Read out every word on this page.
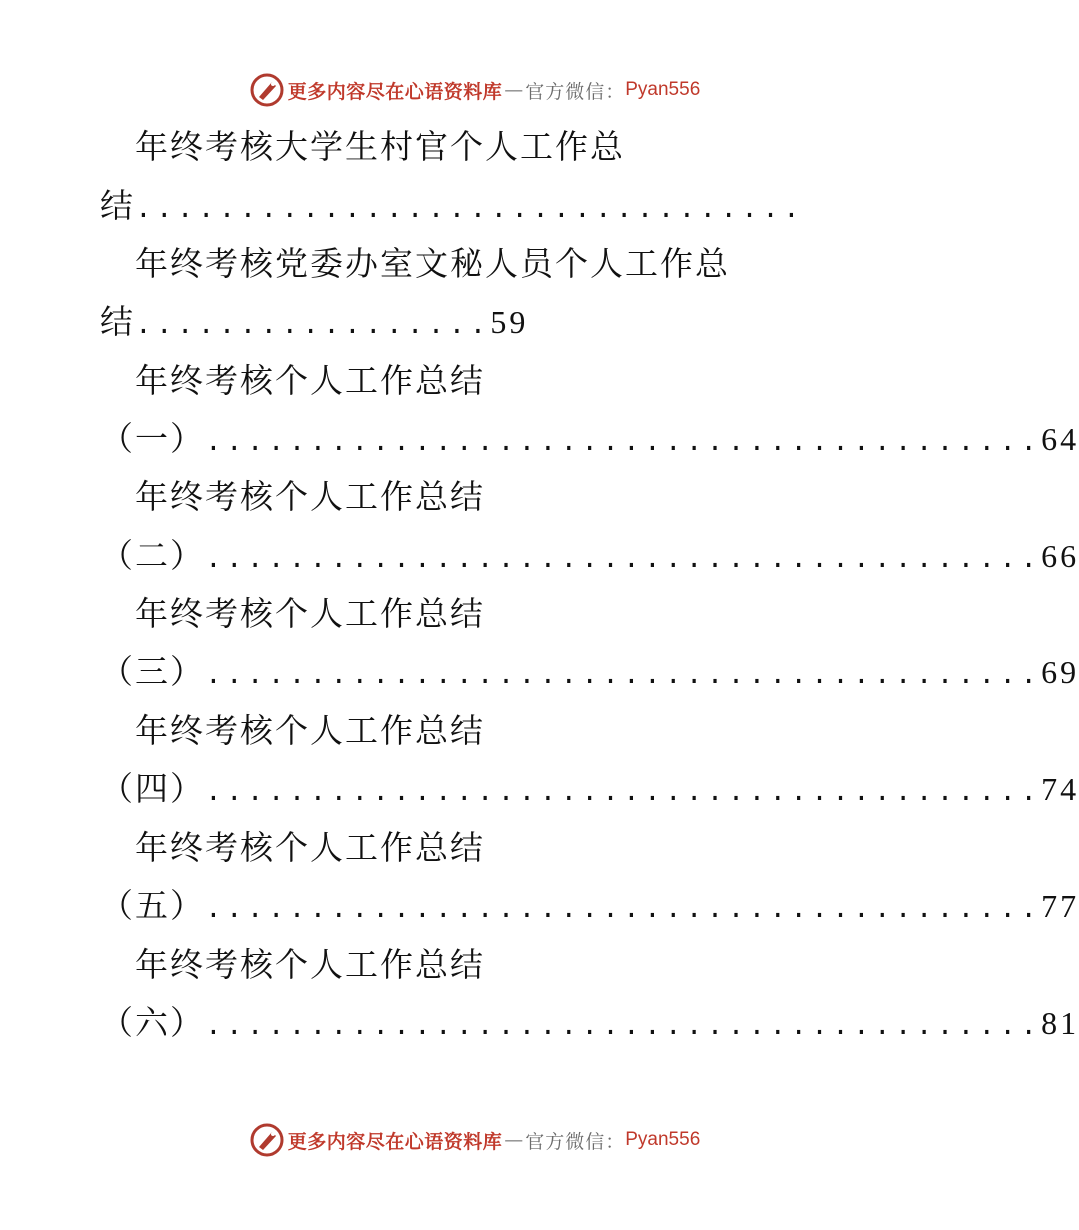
更多内容尽在心语资料库 — 官方微信： Pyan556
年终考核大学生村官个人工作总
结 ................................
年终考核党委办室文秘人员个人工作总
结 ................. 59
年终考核个人工作总结
（一） ........................................ 64
年终考核个人工作总结
（二） ........................................ 66
年终考核个人工作总结
（三） ........................................ 69
年终考核个人工作总结
（四） ........................................ 74
年终考核个人工作总结
（五） ........................................ 77
年终考核个人工作总结
（六） ........................................ 81
更多内容尽在心语资料库 — 官方微信： Pyan556
